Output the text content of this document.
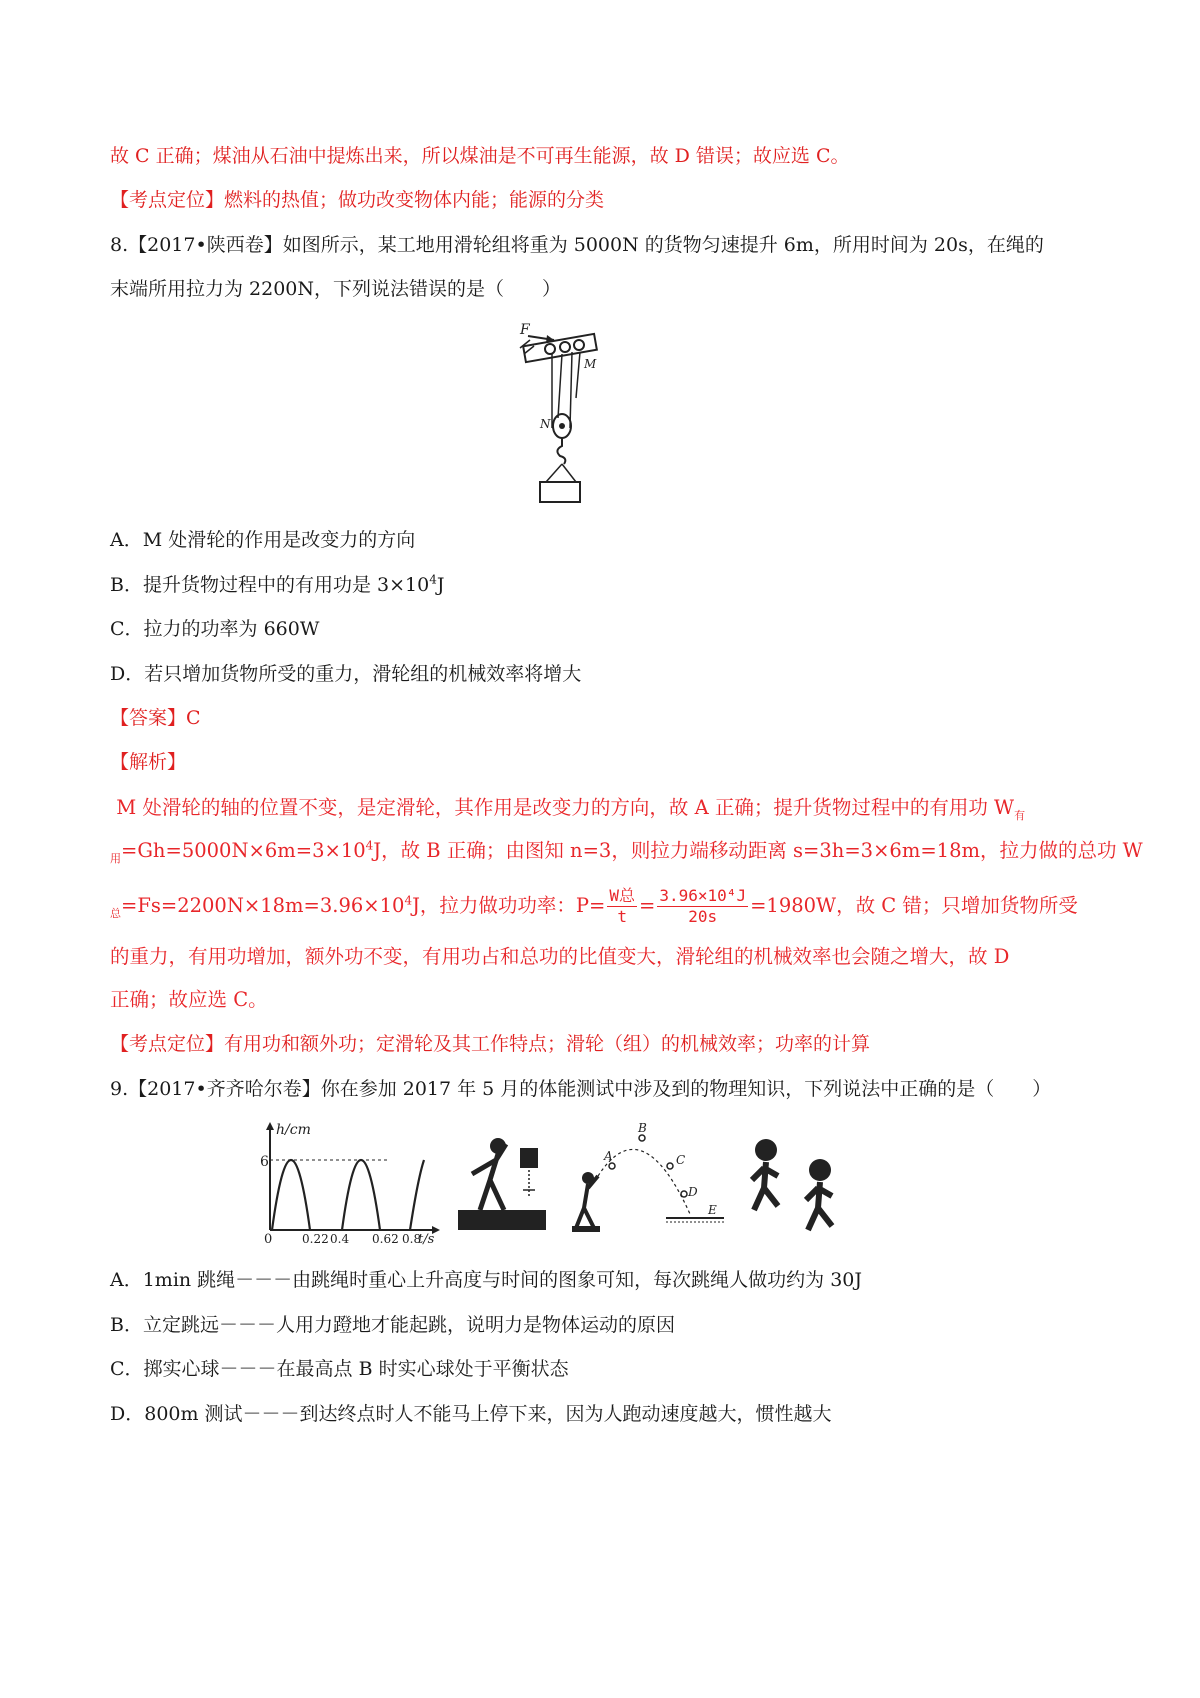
故 C 正确；煤油从石油中提炼出来，所以煤油是不可再生能源，故 D 错误；故应选 C。
【考点定位】燃料的热值；做功改变物体内能；能源的分类
8.【2017•陕西卷】如图所示，某工地用滑轮组将重为 5000N 的货物匀速提升 6m，所用时间为 20s，在绳的
末端所用拉力为 2200N，下列说法错误的是（　　）
F
M
N
A．M 处滑轮的作用是改变力的方向
B．提升货物过程中的有用功是 $3\times 10^4J$
C．拉力的功率为 660W
D．若只增加货物所受的重力，滑轮组的机械效率将增大
【答案】C
【解析】
M 处滑轮的轴的位置不变，是定滑轮，其作用是改变力的方向，故 A 正确；提升货物过程中的有用功 $W_有$
$_用=Gh=5000N\times 6m=3\times 10^4J$，故 B 正确；由图知 n=3，则拉力端移动距离 s=3h=3×6m=18m，拉力做的总功 W
$_总=Fs=2200N\times 18m=3.96\times 10^4J$，拉力做功功率：$P= \frac{\text{W总}}{t} = \frac{\text{3.96×10⁴J}}{20s} =1980W$，故 C 错；只增加货物所受
的重力，有用功增加，额外功不变，有用功占和总功的比值变大，滑轮组的机械效率也会随之增大，故 D
正确；故应选 C。
【考点定位】有用功和额外功；定滑轮及其工作特点；滑轮（组）的机械效率；功率的计算
9.【2017•齐齐哈尔卷】你在参加 2017 年 5 月的体能测试中涉及到的物理知识，下列说法中正确的是（　　）
h/cm
6
0 0.22 0.4 0.62 0.8
t/s
A
B
C
D
E
A．1min 跳绳－－－由跳绳时重心上升高度与时间的图象可知，每次跳绳人做功约为 30J
B．立定跳远－－－人用力蹬地才能起跳，说明力是物体运动的原因
C．掷实心球－－－在最高点 B 时实心球处于平衡状态
D．800m 测试－－－到达终点时人不能马上停下来，因为人跑动速度越大，惯性越大
